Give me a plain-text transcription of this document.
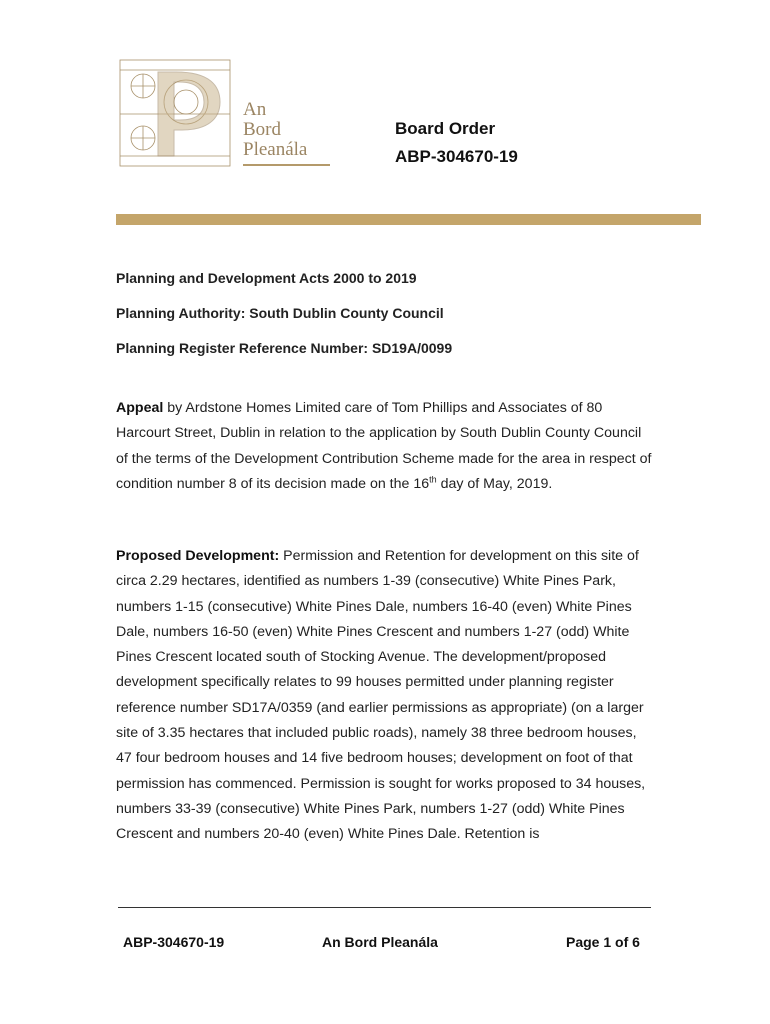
An
Bord
Pleanála
Board Order
ABP-304670-19
Planning and Development Acts 2000 to 2019
Planning Authority: South Dublin County Council
Planning Register Reference Number: SD19A/0099
Appeal by Ardstone Homes Limited care of Tom Phillips and Associates of 80 Harcourt Street, Dublin in relation to the application by South Dublin County Council of the terms of the Development Contribution Scheme made for the area in respect of condition number 8 of its decision made on the 16th day of May, 2019.
Proposed Development: Permission and Retention for development on this site of circa 2.29 hectares, identified as numbers 1-39 (consecutive) White Pines Park, numbers 1-15 (consecutive) White Pines Dale, numbers 16-40 (even) White Pines Dale, numbers 16-50 (even) White Pines Crescent and numbers 1-27 (odd) White Pines Crescent located south of Stocking Avenue. The development/proposed development specifically relates to 99 houses permitted under planning register reference number SD17A/0359 (and earlier permissions as appropriate) (on a larger site of 3.35 hectares that included public roads), namely 38 three bedroom houses, 47 four bedroom houses and 14 five bedroom houses; development on foot of that permission has commenced. Permission is sought for works proposed to 34 houses, numbers 33-39 (consecutive) White Pines Park, numbers 1-27 (odd) White Pines Crescent and numbers 20-40 (even) White Pines Dale. Retention is
ABP-304670-19	An Bord Pleanála	Page 1 of 6
